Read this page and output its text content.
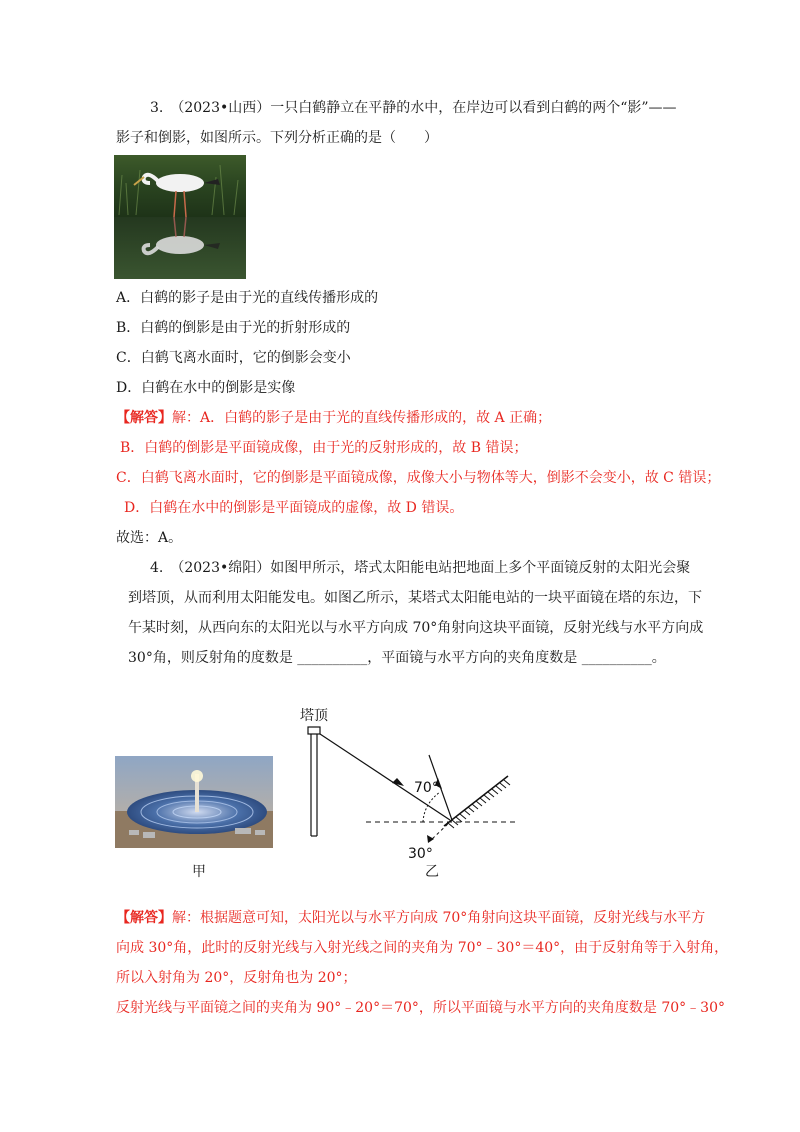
3.　（2023•山西）一只白鹤静立在平静的水中，在岸边可以看到白鹤的两个“影”——
影子和倒影，如图所示。下列分析正确的是（　　）
A．白鹤的影子是由于光的直线传播形成的
B．白鹤的倒影是由于光的折射形成的
C．白鹤飞离水面时，它的倒影会变小
D．白鹤在水中的倒影是实像
【解答】解：A．白鹤的影子是由于光的直线传播形成的，故 A 正确；
B．白鹤的倒影是平面镜成像，由于光的反射形成的，故 B 错误；
C．白鹤飞离水面时，它的倒影是平面镜成像，成像大小与物体等大，倒影不会变小，故 C 错误；
D．白鹤在水中的倒影是平面镜成的虚像，故 D 错误。
故选：A。
4.　（2023•绵阳）如图甲所示，塔式太阳能电站把地面上多个平面镜反射的太阳光会聚
到塔顶，从而利用太阳能发电。如图乙所示，某塔式太阳能电站的一块平面镜在塔的东边，下
午某时刻，从西向东的太阳光以与水平方向成 70°角射向这块平面镜，反射光线与水平方向成
30°角，则反射角的度数是 __________，平面镜与水平方向的夹角度数是 __________。
甲
塔顶
70°
30°
乙
【解答】解：根据题意可知，太阳光以与水平方向成 70°角射向这块平面镜，反射光线与水平方
向成 30°角，此时的反射光线与入射光线之间的夹角为 70°﹣30°＝40°，由于反射角等于入射角，
所以入射角为 20°，反射角也为 20°；
反射光线与平面镜之间的夹角为 90°﹣20°＝70°，所以平面镜与水平方向的夹角度数是 70°﹣30°
